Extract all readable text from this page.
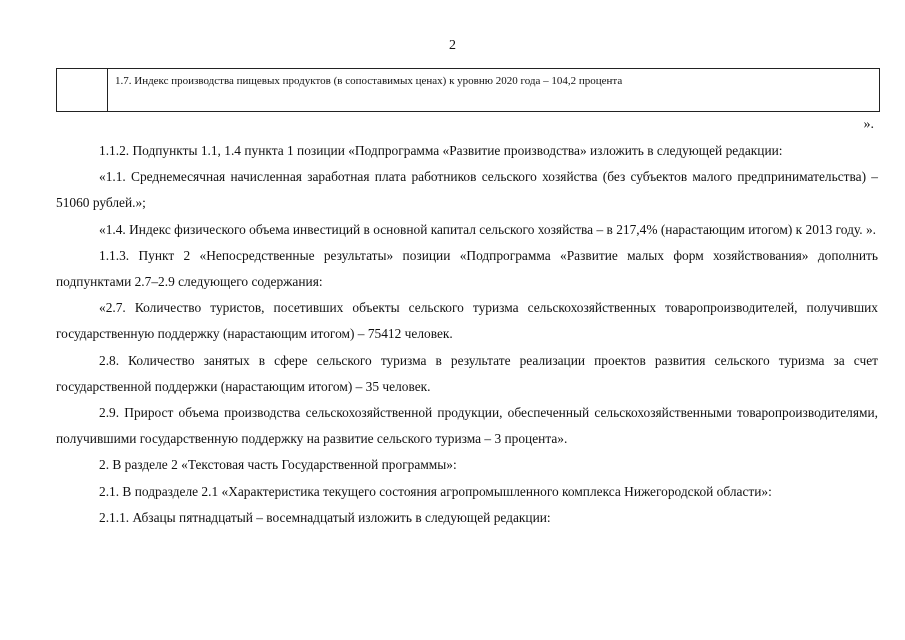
2
1.7. Индекс производства пищевых продуктов (в сопоставимых ценах) к уровню 2020 года – 104,2 процента
».

1.1.2. Подпункты 1.1, 1.4 пункта 1 позиции «Подпрограмма «Развитие производства» изложить в следующей редакции:

«1.1. Среднемесячная начисленная заработная плата работников сельского хозяйства (без субъектов малого предпринимательства) – 51060 рублей.»;

«1.4. Индекс физического объема инвестиций в основной капитал сельского хозяйства – в 217,4% (нарастающим итогом) к 2013 году. ».

1.1.3. Пункт 2 «Непосредственные результаты» позиции «Подпрограмма «Развитие малых форм хозяйствования» дополнить подпунктами 2.7–2.9 следующего содержания:

«2.7. Количество туристов, посетивших объекты сельского туризма сельскохозяйственных товаропроизводителей, получивших государственную поддержку (нарастающим итогом) – 75412 человек.

2.8. Количество занятых в сфере сельского туризма в результате реализации проектов развития сельского туризма за счет государственной поддержки (нарастающим итогом) – 35 человек.

2.9. Прирост объема производства сельскохозяйственной продукции, обеспеченный сельскохозяйственными товаропроизводителями, получившими государственную поддержку на развитие сельского туризма – 3 процента».

2. В разделе 2 «Текстовая часть Государственной программы»:

2.1. В подразделе 2.1 «Характеристика текущего состояния агропромышленного комплекса Нижегородской области»:

2.1.1. Абзацы пятнадцатый – восемнадцатый изложить в следующей редакции:
